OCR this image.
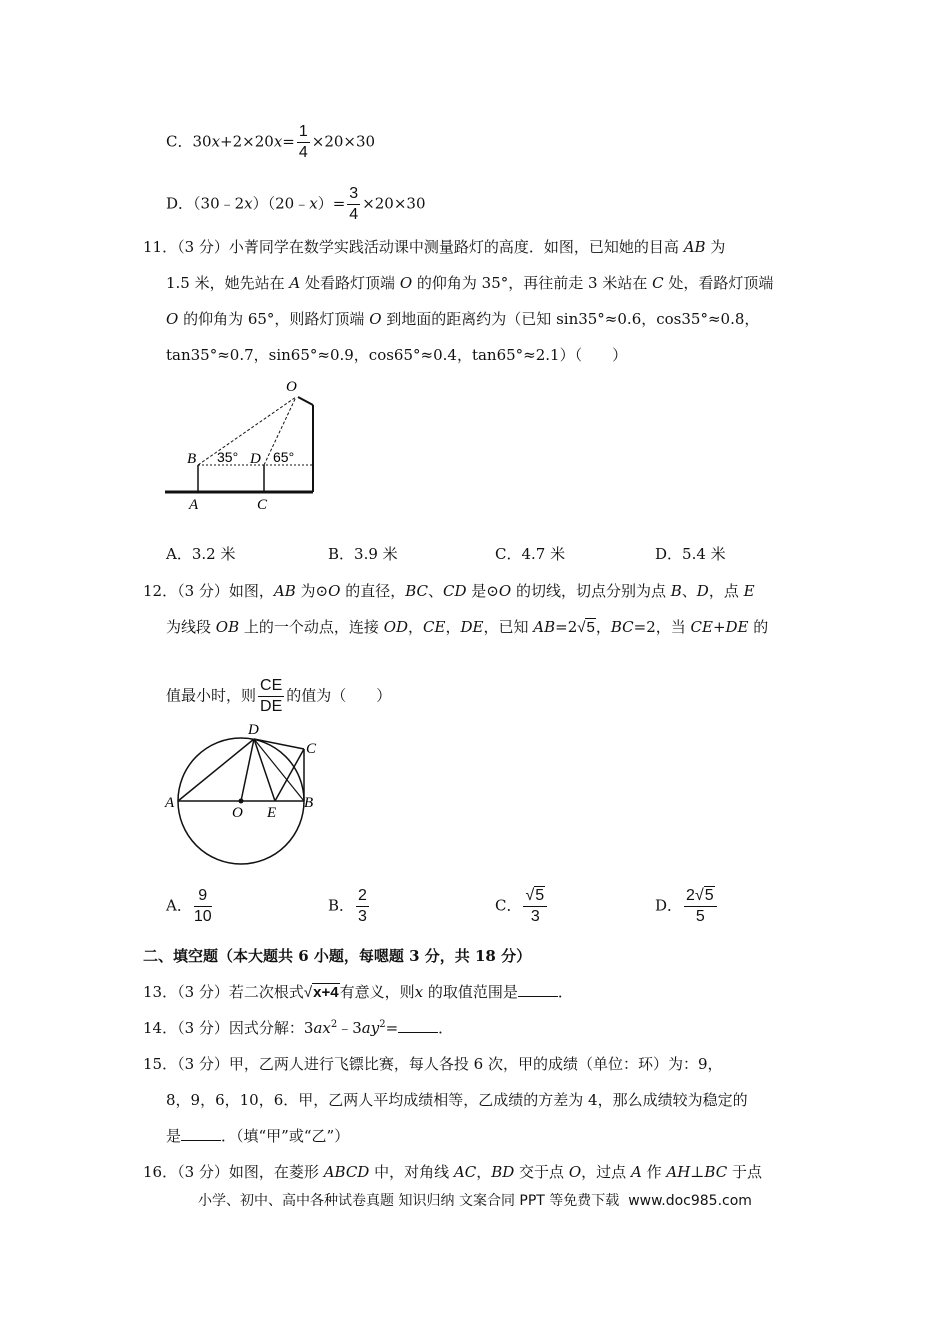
C．$30x+2\times 20x= \frac{1}{4} \times 20\times 30$
D．（30﹣2x）（20﹣x）= $\frac{3}{4} \times 20\times 30$
11．（3 分）小菁同学在数学实践活动课中测量路灯的高度．如图，已知她的目高 AB 为
1.5 米，她先站在 A 处看路灯顶端 O 的仰角为 35°，再往前走 3 米站在 C 处，看路灯顶端
O 的仰角为 65°，则路灯顶端 O 到地面的距离约为（已知 sin35°≈0.6，cos35°≈0.8，
tan35°≈0.7，sin65°≈0.9，cos65°≈0.4，tan65°≈2.1）（　　）
O
B	D
A	C
35° 65°
A．3.2 米	B．3.9 米	C．4.7 米	D．5.4 米
12．（3 分）如图，AB 为⊙O 的直径，BC、CD 是⊙O 的切线，切点分别为点 B、D，点 E
为线段 OB 上的一个动点，连接 OD，CE，DE，已知 AB=2√5，BC=2，当 CE+DE 的
值最小时，则 $\frac{CE}{DE}$ 的值为（　　）
D
C
A
O E
B
A． $\frac{9}{10}$	B． $\frac{2}{3}$	C． $\frac{√5}{3}$	D． $\frac{2√5}{5}$
二、填空题（本大题共 6 小题，每嗯题 3 分，共 18 分）
13．（3 分）若二次根式√x+4有意义，则x 的取值范围是	．
14．（3 分）因式分解：$3ax^2﹣3ay^2=$	．
15．（3 分）甲，乙两人进行飞镖比赛，每人各投 6 次，甲的成绩（单位：环）为：9，
8，9，6，10，6．甲，乙两人平均成绩相等，乙成绩的方差为 4，那么成绩较为稳定的
是	．（填“甲”或“乙”）
16．（3 分）如图，在菱形 ABCD 中，对角线 AC，BD 交于点 O，过点 A 作 AH⊥BC 于点
小学、初中、高中各种试卷真题 知识归纳 文案合同 PPT 等免费下载 www.doc985.com
